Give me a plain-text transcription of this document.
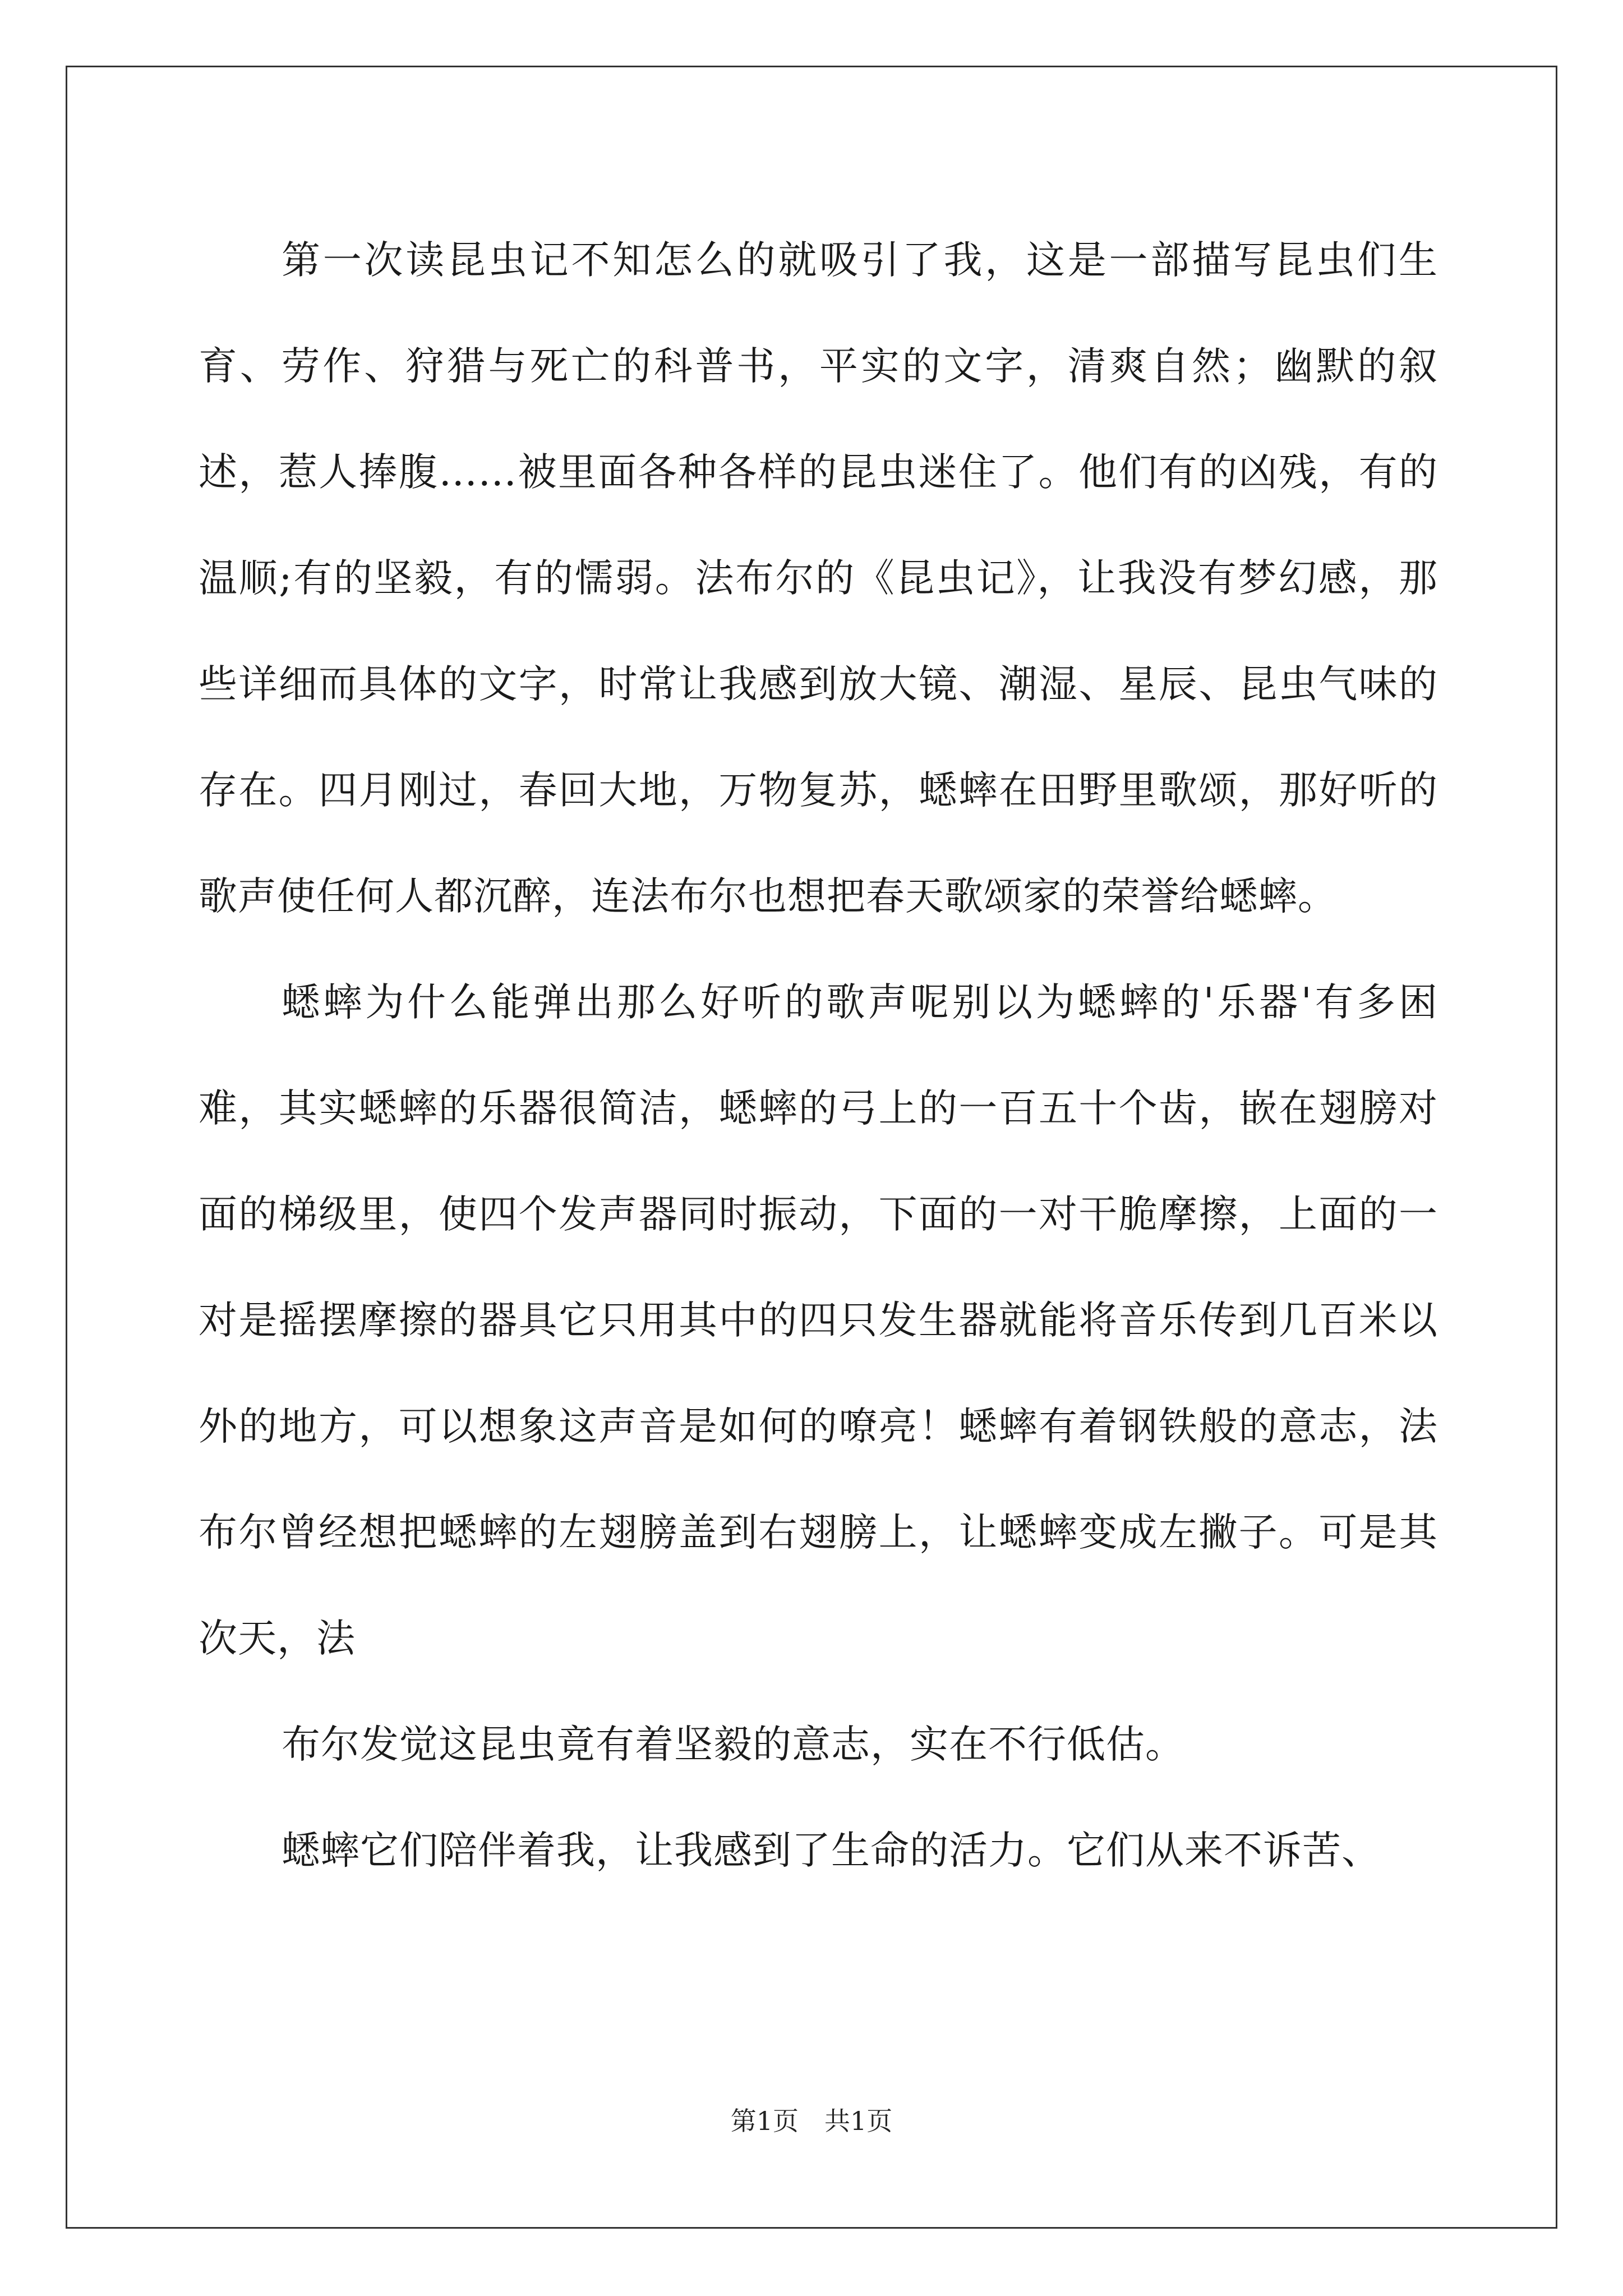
第一次读昆虫记不知怎么的就吸引了我，这是一部描写昆虫们生育、劳作、狩猎与死亡的科普书，平实的文字，清爽自然；幽默的叙述，惹人捧腹……被里面各种各样的昆虫迷住了。他们有的凶残，有的温顺;有的坚毅，有的懦弱。法布尔的《昆虫记》，让我没有梦幻感，那些详细而具体的文字，时常让我感到放大镜、潮湿、星辰、昆虫气味的存在。四月刚过，春回大地，万物复苏，蟋蟀在田野里歌颂，那好听的歌声使任何人都沉醉，连法布尔也想把春天歌颂家的荣誉给蟋蟀。

蟋蟀为什么能弹出那么好听的歌声呢别以为蟋蟀的'乐器'有多困难，其实蟋蟀的乐器很简洁，蟋蟀的弓上的一百五十个齿，嵌在翅膀对面的梯级里，使四个发声器同时振动，下面的一对干脆摩擦，上面的一对是摇摆摩擦的器具它只用其中的四只发生器就能将音乐传到几百米以外的地方，可以想象这声音是如何的嘹亮！蟋蟀有着钢铁般的意志，法布尔曾经想把蟋蟀的左翅膀盖到右翅膀上，让蟋蟀变成左撇子。可是其次天，法

布尔发觉这昆虫竟有着坚毅的意志，实在不行低估。

蟋蟀它们陪伴着我，让我感到了生命的活力。它们从来不诉苦、

第1页　共1页
